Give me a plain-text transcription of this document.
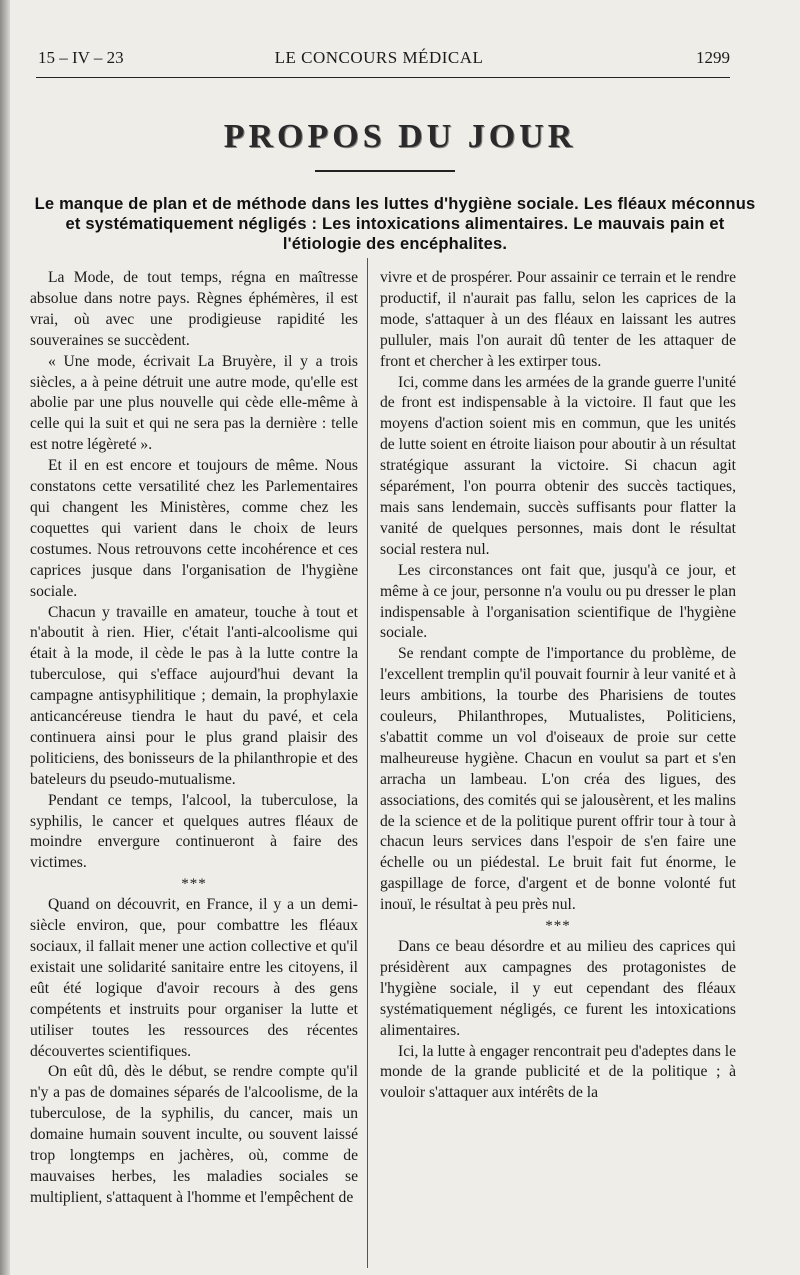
15 – IV – 23	LE CONCOURS MÉDICAL	1299
PROPOS DU JOUR
Le manque de plan et de méthode dans les luttes d'hygiène sociale. Les fléaux méconnus et systématiquement négligés : Les intoxications alimentaires. Le mauvais pain et l'étiologie des encéphalites.

La Mode, de tout temps, régna en maîtresse absolue dans notre pays. Règnes éphémères, il est vrai, où avec une prodigieuse rapidité les souveraines se succèdent.

« Une mode, écrivait La Bruyère, il y a trois siècles, a à peine détruit une autre mode, qu'elle est abolie par une plus nouvelle qui cède elle-même à celle qui la suit et qui ne sera pas la dernière : telle est notre légèreté ».

Et il en est encore et toujours de même. Nous constatons cette versatilité chez les Parlementaires qui changent les Ministères, comme chez les coquettes qui varient dans le choix de leurs costumes. Nous retrouvons cette incohérence et ces caprices jusque dans l'organisation de l'hygiène sociale.

Chacun y travaille en amateur, touche à tout et n'aboutit à rien. Hier, c'était l'anti-alcoolisme qui était à la mode, il cède le pas à la lutte contre la tuberculose, qui s'efface aujourd'hui devant la campagne antisyphilitique ; demain, la prophylaxie anticancéreuse tiendra le haut du pavé, et cela continuera ainsi pour le plus grand plaisir des politiciens, des bonisseurs de la philanthropie et des bateleurs du pseudo-mutualisme.

Pendant ce temps, l'alcool, la tuberculose, la syphilis, le cancer et quelques autres fléaux de moindre envergure continueront à faire des victimes.

***

Quand on découvrit, en France, il y a un demi-siècle environ, que, pour combattre les fléaux sociaux, il fallait mener une action collective et qu'il existait une solidarité sanitaire entre les citoyens, il eût été logique d'avoir recours à des gens compétents et instruits pour organiser la lutte et utiliser toutes les ressources des récentes découvertes scientifiques.

On eût dû, dès le début, se rendre compte qu'il n'y a pas de domaines séparés de l'alcoolisme, de la tuberculose, de la syphilis, du cancer, mais un domaine humain souvent inculte, ou souvent laissé trop longtemps en jachères, où, comme de mauvaises herbes, les maladies sociales se multiplient, s'attaquent à l'homme et l'empêchent de

vivre et de prospérer. Pour assainir ce terrain et le rendre productif, il n'aurait pas fallu, selon les caprices de la mode, s'attaquer à un des fléaux en laissant les autres pulluler, mais l'on aurait dû tenter de les attaquer de front et chercher à les extirper tous.

Ici, comme dans les armées de la grande guerre l'unité de front est indispensable à la victoire. Il faut que les moyens d'action soient mis en commun, que les unités de lutte soient en étroite liaison pour aboutir à un résultat stratégique assurant la victoire. Si chacun agit séparément, l'on pourra obtenir des succès tactiques, mais sans lendemain, succès suffisants pour flatter la vanité de quelques personnes, mais dont le résultat social restera nul.

Les circonstances ont fait que, jusqu'à ce jour, et même à ce jour, personne n'a voulu ou pu dresser le plan indispensable à l'organisation scientifique de l'hygiène sociale.

Se rendant compte de l'importance du problème, de l'excellent tremplin qu'il pouvait fournir à leur vanité et à leurs ambitions, la tourbe des Pharisiens de toutes couleurs, Philanthropes, Mutualistes, Politiciens, s'abattit comme un vol d'oiseaux de proie sur cette malheureuse hygiène. Chacun en voulut sa part et s'en arracha un lambeau. L'on créa des ligues, des associations, des comités qui se jalousèrent, et les malins de la science et de la politique purent offrir tour à tour à chacun leurs services dans l'espoir de s'en faire une échelle ou un piédestal. Le bruit fait fut énorme, le gaspillage de force, d'argent et de bonne volonté fut inouï, le résultat à peu près nul.

***

Dans ce beau désordre et au milieu des caprices qui présidèrent aux campagnes des protagonistes de l'hygiène sociale, il y eut cependant des fléaux systématiquement négligés, ce furent les intoxications alimentaires.

Ici, la lutte à engager rencontrait peu d'adeptes dans le monde de la grande publicité et de la politique ; à vouloir s'attaquer aux intérêts de la
